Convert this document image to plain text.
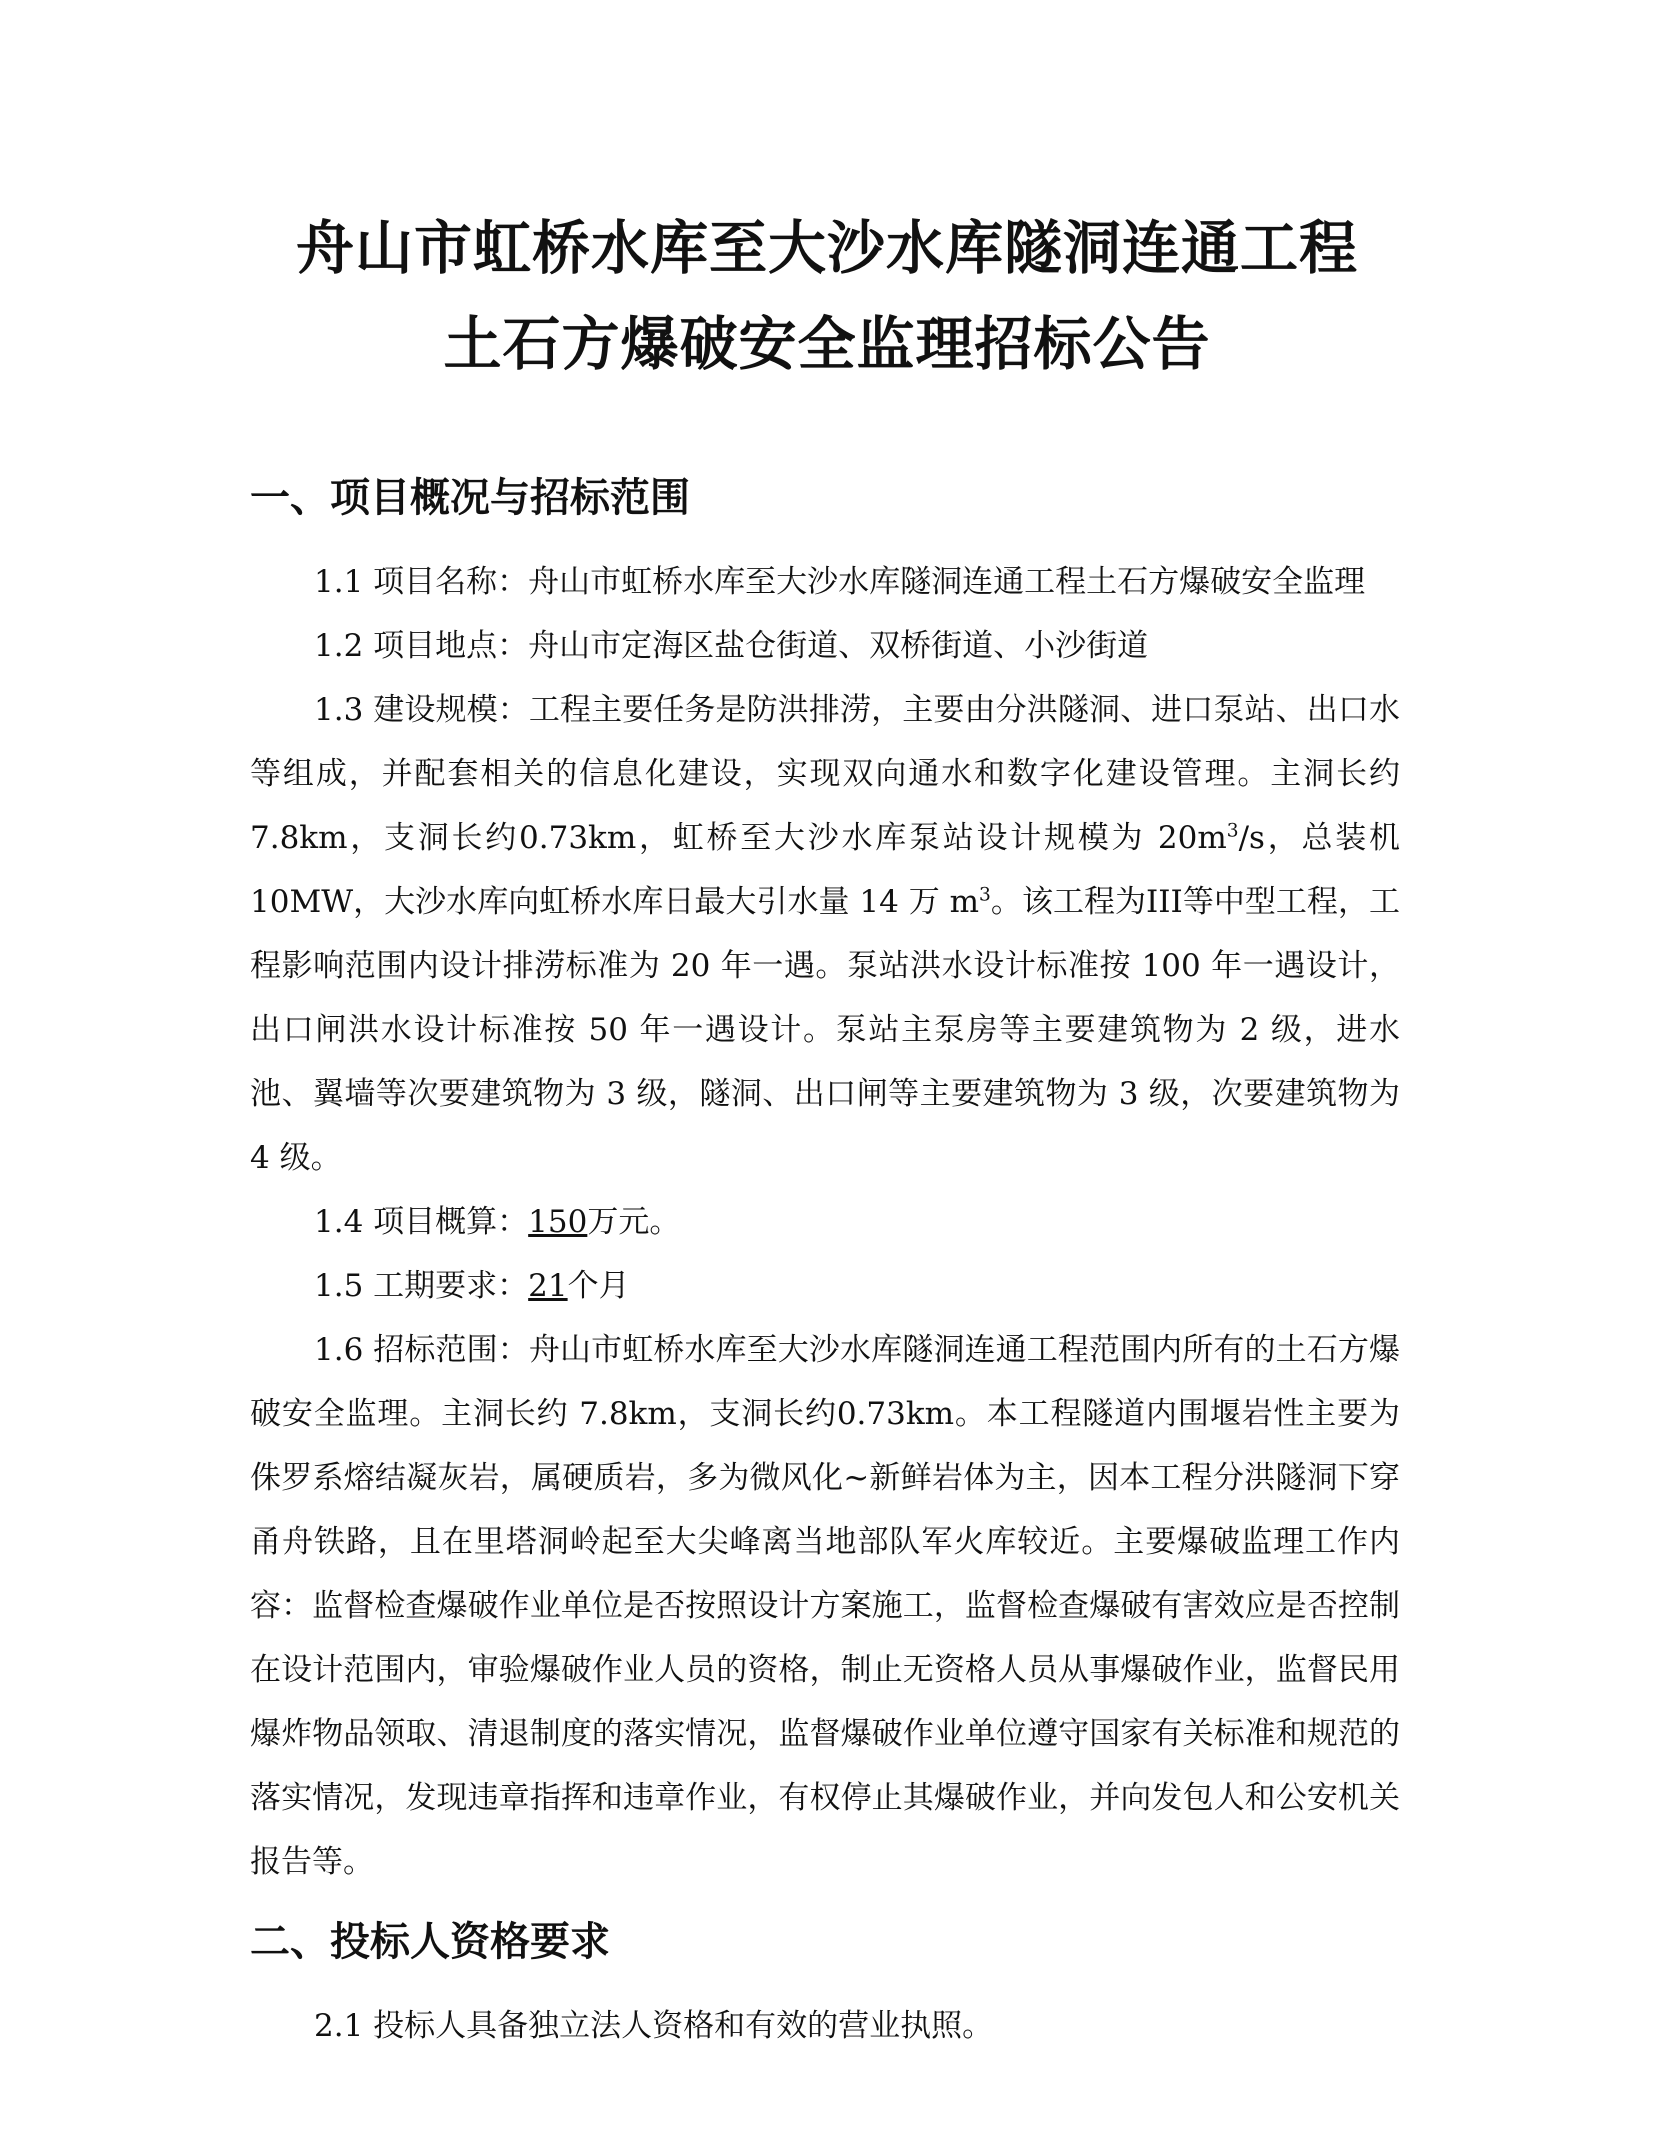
舟山市虹桥水库至大沙水库隧洞连通工程

土石方爆破安全监理招标公告

一、项目概况与招标范围

1.1 项目名称：舟山市虹桥水库至大沙水库隧洞连通工程土石方爆破安全监理

1.2 项目地点：舟山市定海区盐仓街道、双桥街道、小沙街道

1.3 建设规模：工程主要任务是防洪排涝，主要由分洪隧洞、进口泵站、出口水等组成，并配套相关的信息化建设，实现双向通水和数字化建设管理。主洞长约 7.8km，支洞长约0.73km，虹桥至大沙水库泵站设计规模为 $20m^3/s$，总装机 10MW，大沙水库向虹桥水库日最大引水量 14 万 $m^3$。该工程为III等中型工程，工程影响范围内设计排涝标准为 20 年一遇。泵站洪水设计标准按 100 年一遇设计，出口闸洪水设计标准按 50 年一遇设计。泵站主泵房等主要建筑物为 2 级，进水池、翼墙等次要建筑物为 3 级，隧洞、出口闸等主要建筑物为 3 级，次要建筑物为 4 级。

1.4 项目概算：150万元。

1.5 工期要求：21个月

1.6 招标范围：舟山市虹桥水库至大沙水库隧洞连通工程范围内所有的土石方爆破安全监理。主洞长约 7.8km，支洞长约0.73km。本工程隧道内围堰岩性主要为侏罗系熔结凝灰岩，属硬质岩，多为微风化~新鲜岩体为主，因本工程分洪隧洞下穿甬舟铁路，且在里塔洞岭起至大尖峰离当地部队军火库较近。主要爆破监理工作内容：监督检查爆破作业单位是否按照设计方案施工，监督检查爆破有害效应是否控制在设计范围内，审验爆破作业人员的资格，制止无资格人员从事爆破作业，监督民用爆炸物品领取、清退制度的落实情况，监督爆破作业单位遵守国家有关标准和规范的落实情况，发现违章指挥和违章作业，有权停止其爆破作业，并向发包人和公安机关报告等。

二、投标人资格要求

2.1 投标人具备独立法人资格和有效的营业执照。
